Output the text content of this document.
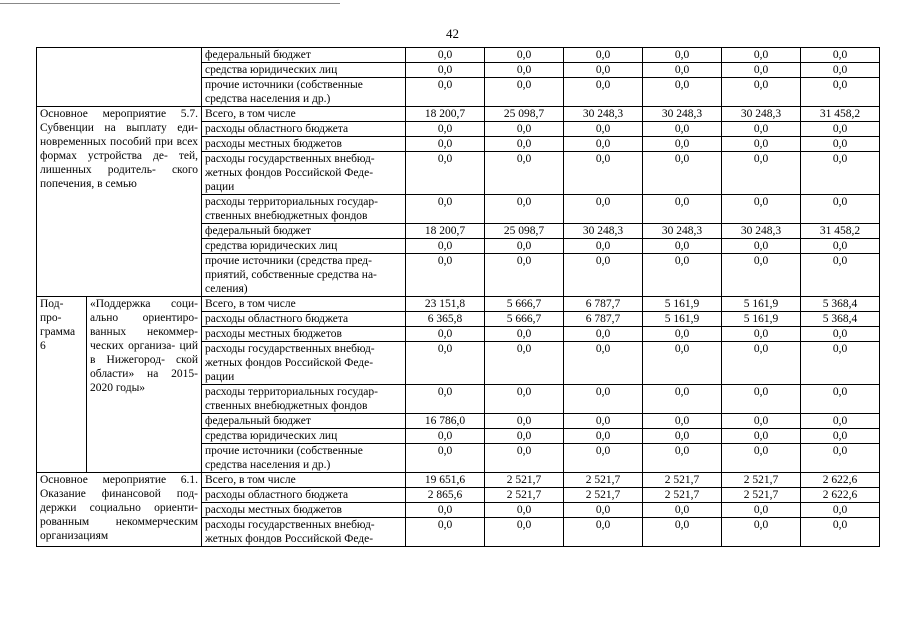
42
		федеральный бюджет	0,0	0,0	0,0	0,0	0,0	0,0
		средства юридических лиц	0,0	0,0	0,0	0,0	0,0	0,0
		прочие источники (собственные средства населения и др.)	0,0	0,0	0,0	0,0	0,0	0,0
Основное мероприятие 5.7. Субвенции на выплату еди- новременных пособий при всех формах устройства де- тей, лишенных родитель- ского попечения, в семью		Всего, в том числе	18 200,7	25 098,7	30 248,3	30 248,3	30 248,3	31 458,2
		расходы областного бюджета	0,0	0,0	0,0	0,0	0,0	0,0
		расходы местных бюджетов	0,0	0,0	0,0	0,0	0,0	0,0
		расходы государственных внебюд- жетных фондов Российской Феде- рации	0,0	0,0	0,0	0,0	0,0	0,0
		расходы территориальных государ- ственных внебюджетных фондов	0,0	0,0	0,0	0,0	0,0	0,0
		федеральный бюджет	18 200,7	25 098,7	30 248,3	30 248,3	30 248,3	31 458,2
		средства юридических лиц	0,0	0,0	0,0	0,0	0,0	0,0
		прочие источники (средства пред- приятий, собственные средства на- селения)	0,0	0,0	0,0	0,0	0,0	0,0
Под- про- грамма 6	«Поддержка соци- ально ориентиро- ванных некоммер- ческих организа- ций в Нижегород- ской области» на 2015-2020 годы»	Всего, в том числе	23 151,8	5 666,7	6 787,7	5 161,9	5 161,9	5 368,4
		расходы областного бюджета	6 365,8	5 666,7	6 787,7	5 161,9	5 161,9	5 368,4
		расходы местных бюджетов	0,0	0,0	0,0	0,0	0,0	0,0
		расходы государственных внебюд- жетных фондов Российской Феде- рации	0,0	0,0	0,0	0,0	0,0	0,0
		расходы территориальных государ- ственных внебюджетных фондов	0,0	0,0	0,0	0,0	0,0	0,0
		федеральный бюджет	16 786,0	0,0	0,0	0,0	0,0	0,0
		средства юридических лиц	0,0	0,0	0,0	0,0	0,0	0,0
		прочие источники (собственные средства населения и др.)	0,0	0,0	0,0	0,0	0,0	0,0
Основное мероприятие 6.1. Оказание финансовой под- держки социально ориенти- рованным некоммерческим организациям		Всего, в том числе	19 651,6	2 521,7	2 521,7	2 521,7	2 521,7	2 622,6
		расходы областного бюджета	2 865,6	2 521,7	2 521,7	2 521,7	2 521,7	2 622,6
		расходы местных бюджетов	0,0	0,0	0,0	0,0	0,0	0,0
		расходы государственных внебюд- жетных фондов Российской Феде-	0,0	0,0	0,0	0,0	0,0	0,0
